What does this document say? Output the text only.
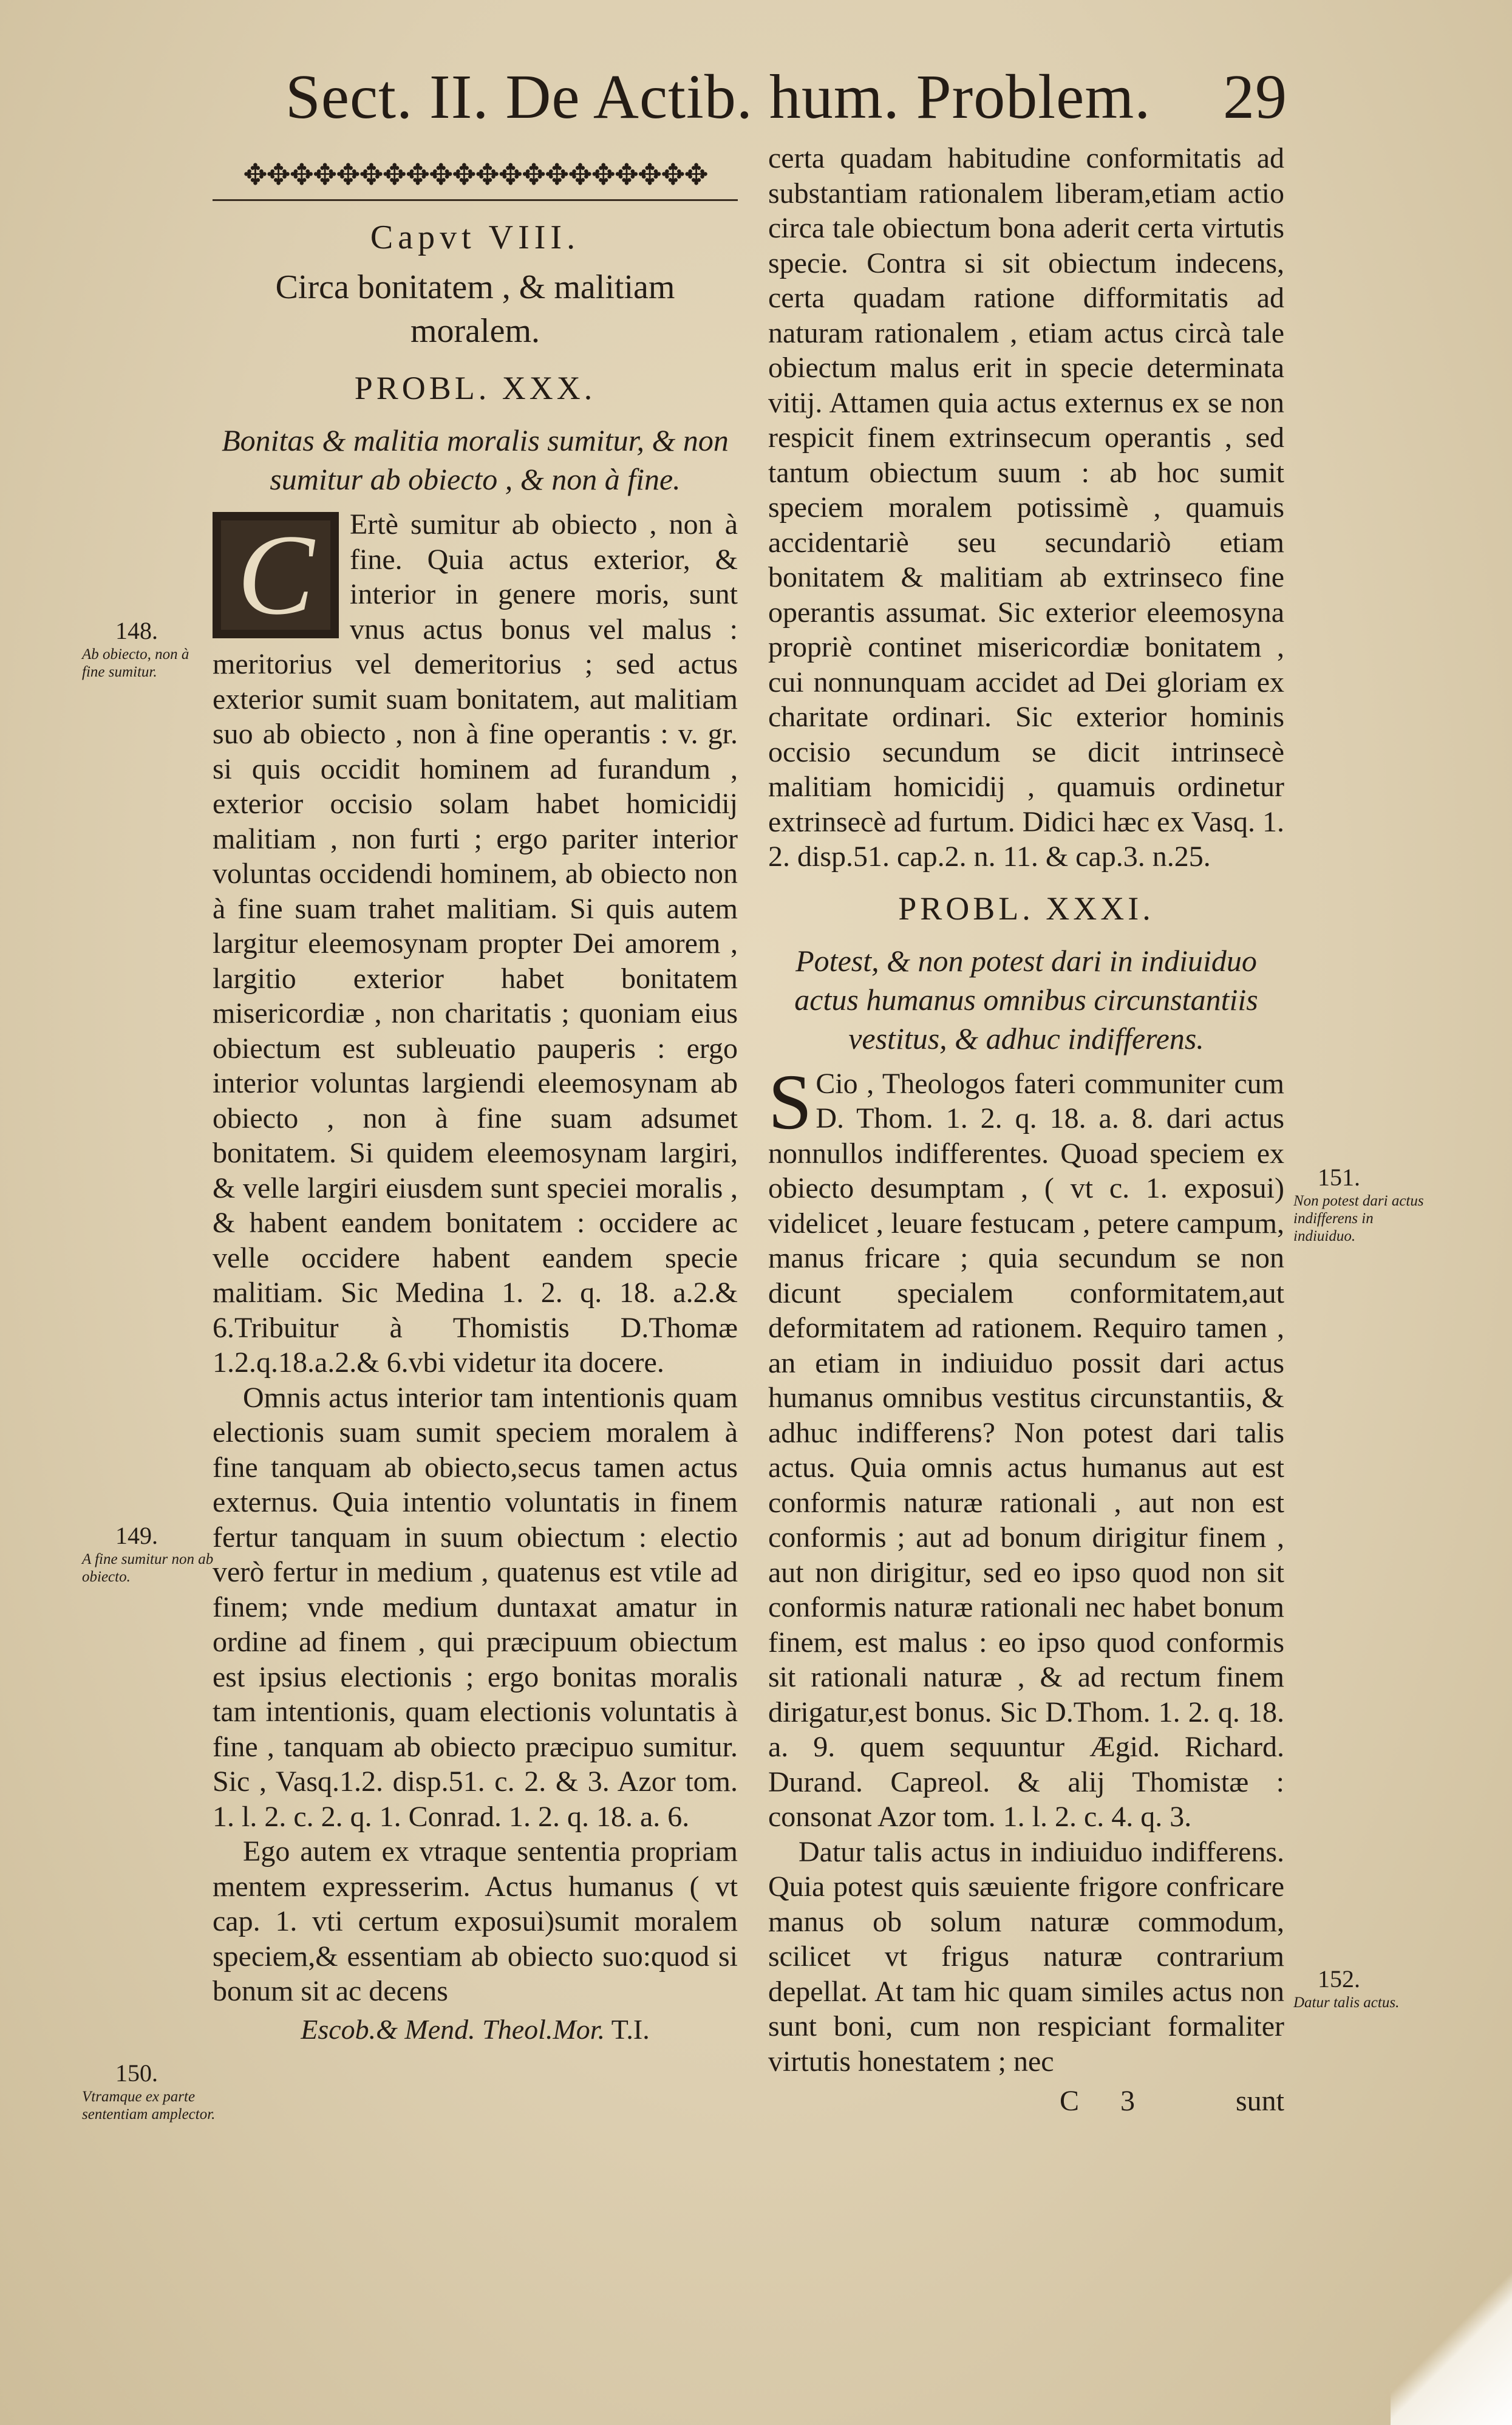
Sect. II. De Actib. hum. Problem. 29
✥✥✥✥✥✥✥✥✥✥✥✥✥✥✥✥✥✥✥✥
Capvt VIII.
Circa bonitatem , & malitiam moralem.
PROBL. XXX.
Bonitas & malitia moralis sumitur, & non sumitur ab obiecto , & non à fine.

C	Ertè sumitur ab obiecto , non à fine. Quia actus exterior, & interior in genere moris, sunt vnus actus bonus vel malus : meritorius vel demeritorius ; sed actus exterior sumit suam bonitatem, aut malitiam suo ab obiecto , non à fine operantis : v. gr. si quis occidit hominem ad furandum , exterior occisio solam habet homicidij malitiam , non furti ; ergo pariter interior voluntas occidendi hominem, ab obiecto non à fine suam trahet malitiam. Si quis autem largitur eleemosynam propter Dei amorem , largitio exterior habet bonitatem misericordiæ , non charitatis ; quoniam eius obiectum est subleuatio pauperis : ergo interior voluntas largiendi eleemosynam ab obiecto , non à fine suam adsumet bonitatem. Si quidem eleemosynam largiri, & velle largiri eiusdem sunt speciei moralis , & habent eandem bonitatem : occidere ac velle occidere habent eandem specie malitiam. Sic Medina 1. 2. q. 18. a.2.& 6.Tribuitur à Thomistis D.Thomæ 1.2.q.18.a.2.& 6.vbi videtur ita docere.

Omnis actus interior tam intentionis quam electionis suam sumit speciem moralem à fine tanquam ab obiecto,secus tamen actus externus. Quia intentio voluntatis in finem fertur tanquam in suum obiectum : electio verò fertur in medium , quatenus est vtile ad finem; vnde medium duntaxat amatur in ordine ad finem , qui præcipuum obiectum est ipsius electionis ; ergo bonitas moralis tam intentionis, quam electionis voluntatis à fine , tanquam ab obiecto præcipuo sumitur. Sic , Vasq.1.2. disp.51. c. 2. & 3. Azor tom. 1. l. 2. c. 2. q. 1. Conrad. 1. 2. q. 18. a. 6.

Ego autem ex vtraque sententia propriam mentem expresserim. Actus humanus ( vt cap. 1. vti certum exposui)sumit moralem speciem,& essentiam ab obiecto suo:quod si bonum sit ac decens

Escob.& Mend. Theol.Mor. T.I.

certa quadam habitudine conformitatis ad substantiam rationalem liberam,etiam actio circa tale obiectum bona aderit certa virtutis specie. Contra si sit obiectum indecens, certa quadam ratione difformitatis ad naturam rationalem , etiam actus circà tale obiectum malus erit in specie determinata vitij. Attamen quia actus externus ex se non respicit finem extrinsecum operantis , sed tantum obiectum suum : ab hoc sumit speciem moralem potissimè , quamuis accidentariè seu secundariò etiam bonitatem & malitiam ab extrinseco fine operantis assumat. Sic exterior eleemosyna propriè continet misericordiæ bonitatem , cui nonnunquam accidet ad Dei gloriam ex charitate ordinari. Sic exterior hominis occisio secundum se dicit intrinsecè malitiam homicidij , quamuis ordinetur extrinsecè ad furtum. Didici hæc ex Vasq. 1. 2. disp.51. cap.2. n. 11. & cap.3. n.25.

PROBL. XXXI.
Potest, & non potest dari in indiuiduo actus humanus omnibus circunstantiis vestitus, & adhuc indifferens.

S Cio , Theologos fateri communiter cum D. Thom. 1. 2. q. 18. a. 8. dari actus nonnullos indifferentes. Quoad speciem ex obiecto desumptam , ( vt c. 1. exposui) videlicet , leuare festucam , petere campum, manus fricare ; quia secundum se non dicunt specialem conformitatem,aut deformitatem ad rationem. Requiro tamen , an etiam in indiuiduo possit dari actus humanus omnibus vestitus circunstantiis, & adhuc indifferens? Non potest dari talis actus. Quia omnis actus humanus aut est conformis naturæ rationali , aut non est conformis ; aut ad bonum dirigitur finem , aut non dirigitur, sed eo ipso quod non sit conformis naturæ rationali nec habet bonum finem, est malus : eo ipso quod conformis sit rationali naturæ , & ad rectum finem dirigatur,est bonus. Sic D.Thom. 1. 2. q. 18. a. 9. quem sequuntur Ægid. Richard. Durand. Capreol. & alij Thomistæ : consonat Azor tom. 1. l. 2. c. 4. q. 3.

Datur talis actus in indiuiduo indifferens. Quia potest quis sæuiente frigore confricare manus ob solum naturæ commodum, scilicet vt frigus naturæ contrarium depellat. At tam hic quam similes actus non sunt boni, cum non respiciant formaliter virtutis honestatem ; nec

C 3	sunt
148.
Ab obiecto, non à fine sumitur.
149.
A fine sumitur non ab obiecto.
150.
Vtramque ex parte sententiam amplector.
151.
Non potest dari actus indifferens in indiuiduo.
152.
Datur talis actus.
